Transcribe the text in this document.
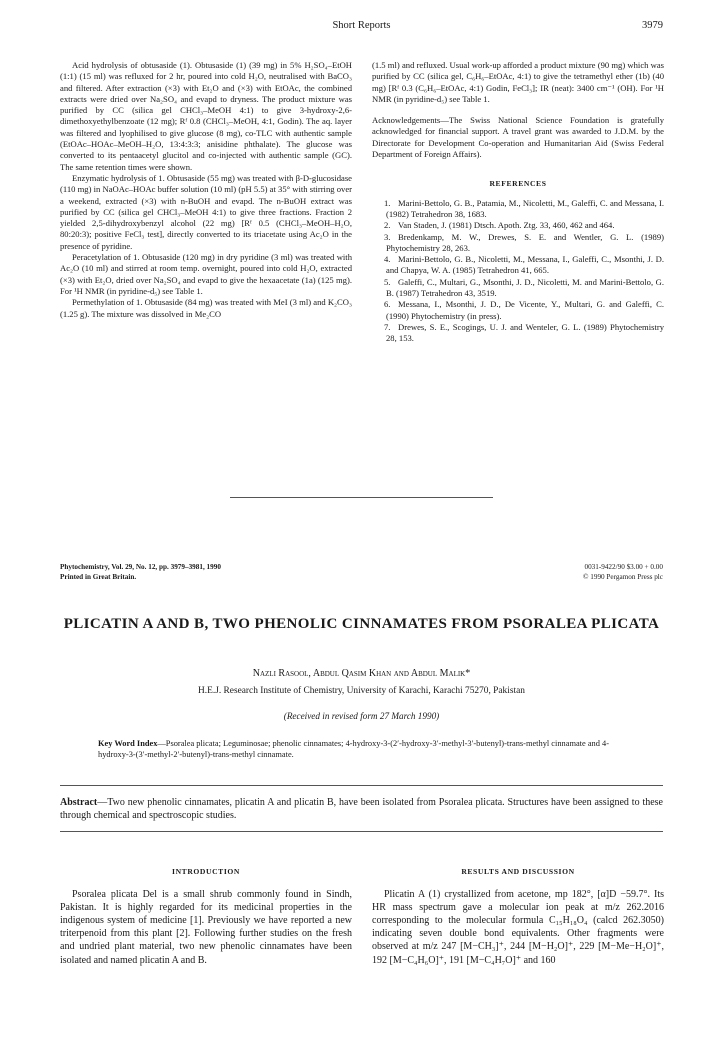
Short Reports	3979

Acid hydrolysis of obtusaside (1). Obtusaside (1) (39 mg) in 5% H₂SO₄–EtOH (1:1) (15 ml) was refluxed for 2 hr, poured into cold H₂O, neutralised with BaCO₃ and filtered. After extraction (×3) with Et₂O and (×3) with EtOAc, the combined extracts were dried over Na₂SO₄ and evapd to dryness. The product mixture was purified by CC (silica gel CHCl₃–MeOH 4:1) to give 3-hydroxy-2,6-dimethoxyethylbenzoate (12 mg); Rᶠ 0.8 (CHCl₃–MeOH, 4:1, Godin). The aq. layer was filtered and lyophilised to give glucose (8 mg), co-TLC with authentic sample (EtOAc–HOAc–MeOH–H₂O, 13:4:3:3; anisidine phthalate). The glucose was converted to its pentaacetyl glucitol and co-injected with authentic sample (GC). The same retention times were shown.

Enzymatic hydrolysis of 1. Obtusaside (55 mg) was treated with β-D-glucosidase (110 mg) in NaOAc–HOAc buffer solution (10 ml) (pH 5.5) at 35° with stirring over a weekend, extracted (×3) with n-BuOH and evapd. The n-BuOH extract was purified by CC (silica gel CHCl₃–MeOH 4:1) to give three fractions. Fraction 2 yielded 2,5-dihydroxybenzyl alcohol (22 mg) [Rᶠ 0.5 (CHCl₃–MeOH–H₂O, 80:20:3); positive FeCl₃ test], directly converted to its triacetate using Ac₂O in the presence of pyridine.

Peracetylation of 1. Obtusaside (120 mg) in dry pyridine (3 ml) was treated with Ac₂O (10 ml) and stirred at room temp. overnight, poured into cold H₂O, extracted (×3) with Et₂O, dried over Na₂SO₄ and evapd to give the hexaacetate (1a) (125 mg). For ¹H NMR (in pyridine-d₅) see Table 1.

Permethylation of 1. Obtusaside (84 mg) was treated with MeI (3 ml) and K₂CO₃ (1.25 g). The mixture was dissolved in Me₂CO

(1.5 ml) and refluxed. Usual work-up afforded a product mixture (90 mg) which was purified by CC (silica gel, C₆H₆–EtOAc, 4:1) to give the tetramethyl ether (1b) (40 mg) [Rᶠ 0.3 (C₆H₆–EtOAc, 4:1) Godin, FeCl₃]; IR (neat): 3400 cm⁻¹ (OH). For ¹H NMR (in pyridine-d₅) see Table 1.

Acknowledgements—The Swiss National Science Foundation is gratefully acknowledged for financial support. A travel grant was awarded to J.D.M. by the Directorate for Development Co-operation and Humanitarian Aid (Swiss Federal Department of Foreign Affairs).

REFERENCES

1. Marini-Bettolo, G. B., Patamia, M., Nicoletti, M., Galeffi, C. and Messana, I. (1982) Tetrahedron 38, 1683.

2. Van Staden, J. (1981) Dtsch. Apoth. Ztg. 33, 460, 462 and 464.

3. Bredenkamp, M. W., Drewes, S. E. and Wentler, G. L. (1989) Phytochemistry 28, 263.

4. Marini-Bettolo, G. B., Nicoletti, M., Messana, I., Galeffi, C., Msonthi, J. D. and Chapya, W. A. (1985) Tetrahedron 41, 665.

5. Galeffi, C., Multari, G., Msonthi, J. D., Nicoletti, M. and Marini-Bettolo, G. B. (1987) Tetrahedron 43, 3519.

6. Messana, I., Msonthi, J. D., De Vicente, Y., Multari, G. and Galeffi, C. (1990) Phytochemistry (in press).

7. Drewes, S. E., Scogings, U. J. and Wenteler, G. L. (1989) Phytochemistry 28, 153.

Phytochemistry, Vol. 29, No. 12, pp. 3979–3981, 1990
Printed in Great Britain.
0031-9422/90 $3.00 + 0.00
© 1990 Pergamon Press plc
PLICATIN A AND B, TWO PHENOLIC CINNAMATES FROM PSORALEA PLICATA
Nazli Rasool, Abdul Qasim Khan and Abdul Malik*
H.E.J. Research Institute of Chemistry, University of Karachi, Karachi 75270, Pakistan
(Received in revised form 27 March 1990)
Key Word Index—Psoralea plicata; Leguminosae; phenolic cinnamates; 4-hydroxy-3-(2′-hydroxy-3′-methyl-3′-butenyl)-trans-methyl cinnamate and 4-hydroxy-3-(3′-methyl-2′-butenyl)-trans-methyl cinnamate.
Abstract—Two new phenolic cinnamates, plicatin A and plicatin B, have been isolated from Psoralea plicata. Structures have been assigned to these through chemical and spectroscopic studies.
INTRODUCTION

Psoralea plicata Del is a small shrub commonly found in Sindh, Pakistan. It is highly regarded for its medicinal properties in the indigenous system of medicine [1]. Previously we have reported a new triterpenoid from this plant [2]. Following further studies on the fresh and undried plant material, two new phenolic cinnamates have been isolated and named plicatin A and B.

RESULTS AND DISCUSSION

Plicatin A (1) crystallized from acetone, mp 182°, [α]D −59.7°. Its HR mass spectrum gave a molecular ion peak at m/z 262.2016 corresponding to the molecular formula C₁₅H₁₈O₄ (calcd 262.3050) indicating seven double bond equivalents. Other fragments were observed at m/z 247 [M−CH₃]⁺, 244 [M−H₂O]⁺, 229 [M−Me−H₂O]⁺, 192 [M−C₄H₆O]⁺, 191 [M−C₄H₇O]⁺ and 160
